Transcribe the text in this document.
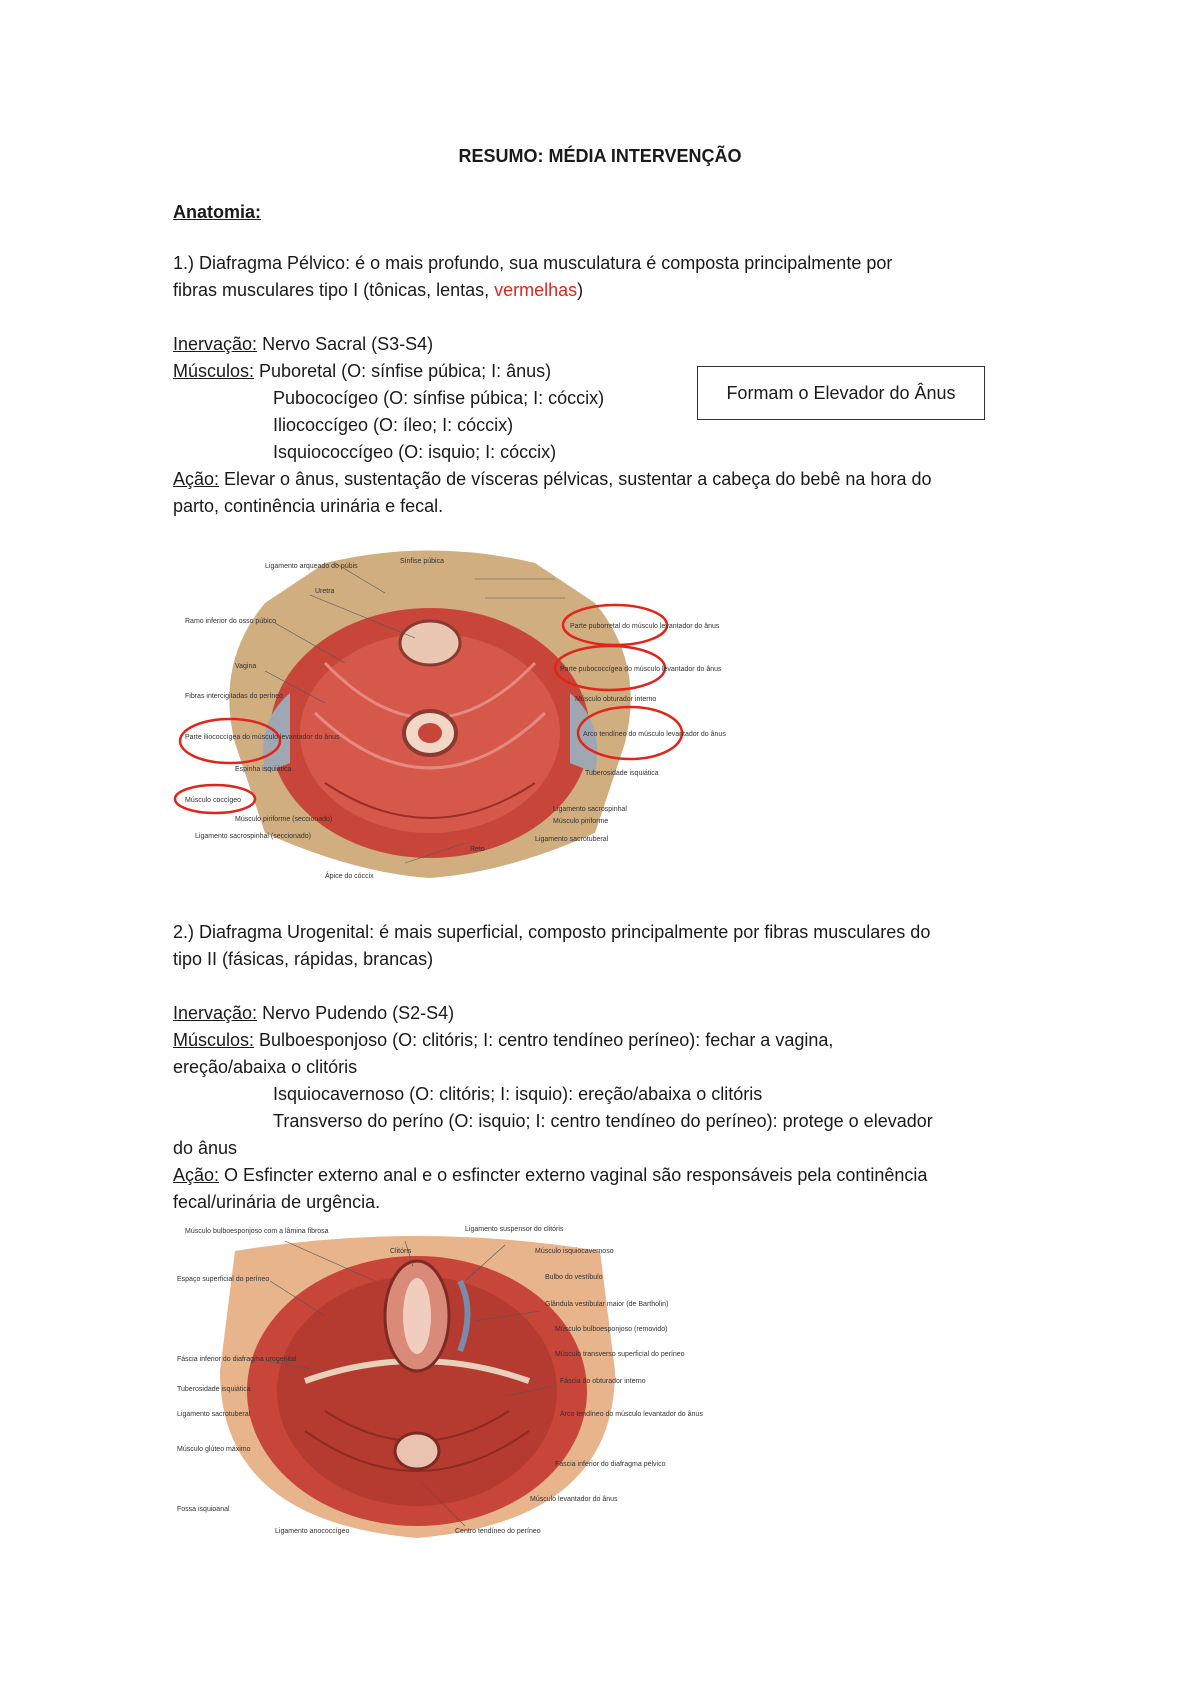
RESUMO: MÉDIA INTERVENÇÃO
Anatomia:
1.) Diafragma Pélvico: é o mais profundo, sua musculatura é composta principalmente por
fibras musculares tipo I (tônicas, lentas, vermelhas)
Inervação: Nervo Sacral (S3-S4)
Músculos: Puboretal (O: sínfise púbica; I: ânus)
Pubococígeo (O: sínfise púbica; I: cóccix)
Iliococcígeo (O: íleo; I: cóccix)
Isquiococcígeo (O: isquio; I: cóccix)
Ação: Elevar o ânus, sustentação de vísceras pélvicas, sustentar a cabeça do bebê na hora do
parto, continência urinária e fecal.
Formam o Elevador do Ânus
Ligamento arqueado do púbis
Sínfise púbica
Uretra
Ramo inferior do osso púbico
Vagina
Fibras intercigitadas do períneo
Parte iliococcígea do músculo levantador do ânus
Espinha isquiática
Músculo coccígeo
Músculo piriforme (seccionado)
Ligamento sacrospinhal (seccionado)
Parte puborretal do músculo levantador do ânus
Parte pubococcígea do músculo levantador do ânus
Músculo obturador interno
Arco tendíneo do músculo levantador do ânus
Tuberosidade isquiática
Ligamento sacrospinhal
Músculo piriforme
Ligamento sacrotuberal
Reto
Ápice do cóccix
2.) Diafragma Urogenital: é mais superficial, composto principalmente por fibras musculares do
tipo II (fásicas, rápidas, brancas)
Inervação: Nervo Pudendo (S2-S4)
Músculos: Bulboesponjoso (O: clitóris; I: centro tendíneo períneo): fechar a vagina,
ereção/abaixa o clitóris
Isquiocavernoso (O: clitóris; I: isquio): ereção/abaixa o clitóris
Transverso do períno (O: isquio; I: centro tendíneo do períneo): protege o elevador
do ânus
Ação: O Esfincter externo anal e o esfincter externo vaginal são responsáveis pela continência
fecal/urinária de urgência.
Músculo bulboesponjoso com a lâmina fibrosa
Clitóris
Ligamento suspensor do clitóris
Músculo isquiocavernoso
Bulbo do vestíbulo
Espaço superficial do períneo
Glândula vestibular maior (de Bartholin)
Fáscia inferior do diafragma urogenital
Músculo bulboesponjoso (removido)
Músculo transverso superficial do períneo
Tuberosidade isquiática
Fáscia do obturador interno
Ligamento sacrotuberal	Arco tendíneo do músculo levantador do ânus
Músculo glúteo máximo
Fáscia inferior do diafragma pélvico
Fossa isquioanal
Músculo levantador do ânus
Ligamento anococcígeo	Centro tendíneo do períneo
